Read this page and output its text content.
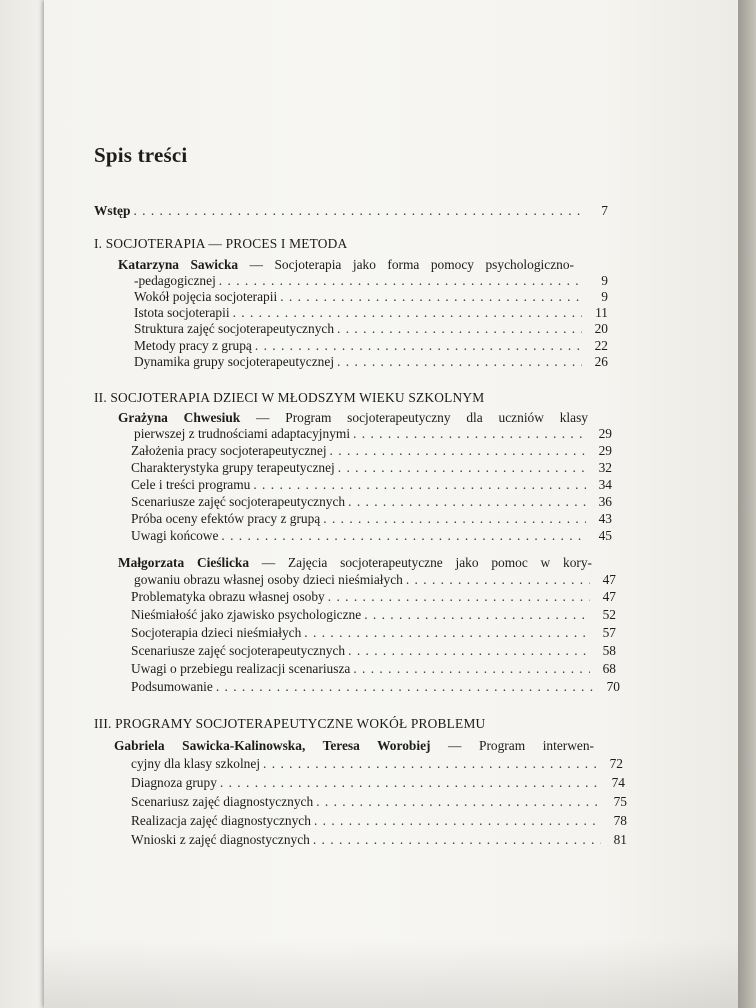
Spis treści
Wstęp . . .	7
I. SOCJOTERAPIA — PROCES I METODA
Katarzyna Sawicka — Socjoterapia jako forma pomocy psychologiczno-
-pedagogicznej . . .	9
Wokół pojęcia socjoterapii . . .	9
Istota socjoterapii . . .	11
Struktura zajęć socjoterapeutycznych . . .	20
Metody pracy z grupą . . .	22
Dynamika grupy socjoterapeutycznej . . .	26
II. SOCJOTERAPIA DZIECI W MŁODSZYM WIEKU SZKOLNYM
Grażyna Chwesiuk — Program socjoterapeutyczny dla uczniów klasy
pierwszej z trudnościami adaptacyjnymi . . .	29
Założenia pracy socjoterapeutycznej . . .	29
Charakterystyka grupy terapeutycznej . . .	32
Cele i treści programu . . .	34
Scenariusze zajęć socjoterapeutycznych . . .	36
Próba oceny efektów pracy z grupą . . .	43
Uwagi końcowe . . .	45
Małgorzata Cieślicka — Zajęcia socjoterapeutyczne jako pomoc w kory-
gowaniu obrazu własnej osoby dzieci nieśmiałych . . .	47
Problematyka obrazu własnej osoby . . .	47
Nieśmiałość jako zjawisko psychologiczne . . .	52
Socjoterapia dzieci nieśmiałych . . .	57
Scenariusze zajęć socjoterapeutycznych . . .	58
Uwagi o przebiegu realizacji scenariusza . . .	68
Podsumowanie . . .	70
III. PROGRAMY SOCJOTERAPEUTYCZNE WOKÓŁ PROBLEMU
Gabriela Sawicka-Kalinowska, Teresa Worobiej — Program interwen-
cyjny dla klasy szkolnej . . .	72
Diagnoza grupy . . .	74
Scenariusz zajęć diagnostycznych . . .	75
Realizacja zajęć diagnostycznych . . .	78
Wnioski z zajęć diagnostycznych . . .	81
